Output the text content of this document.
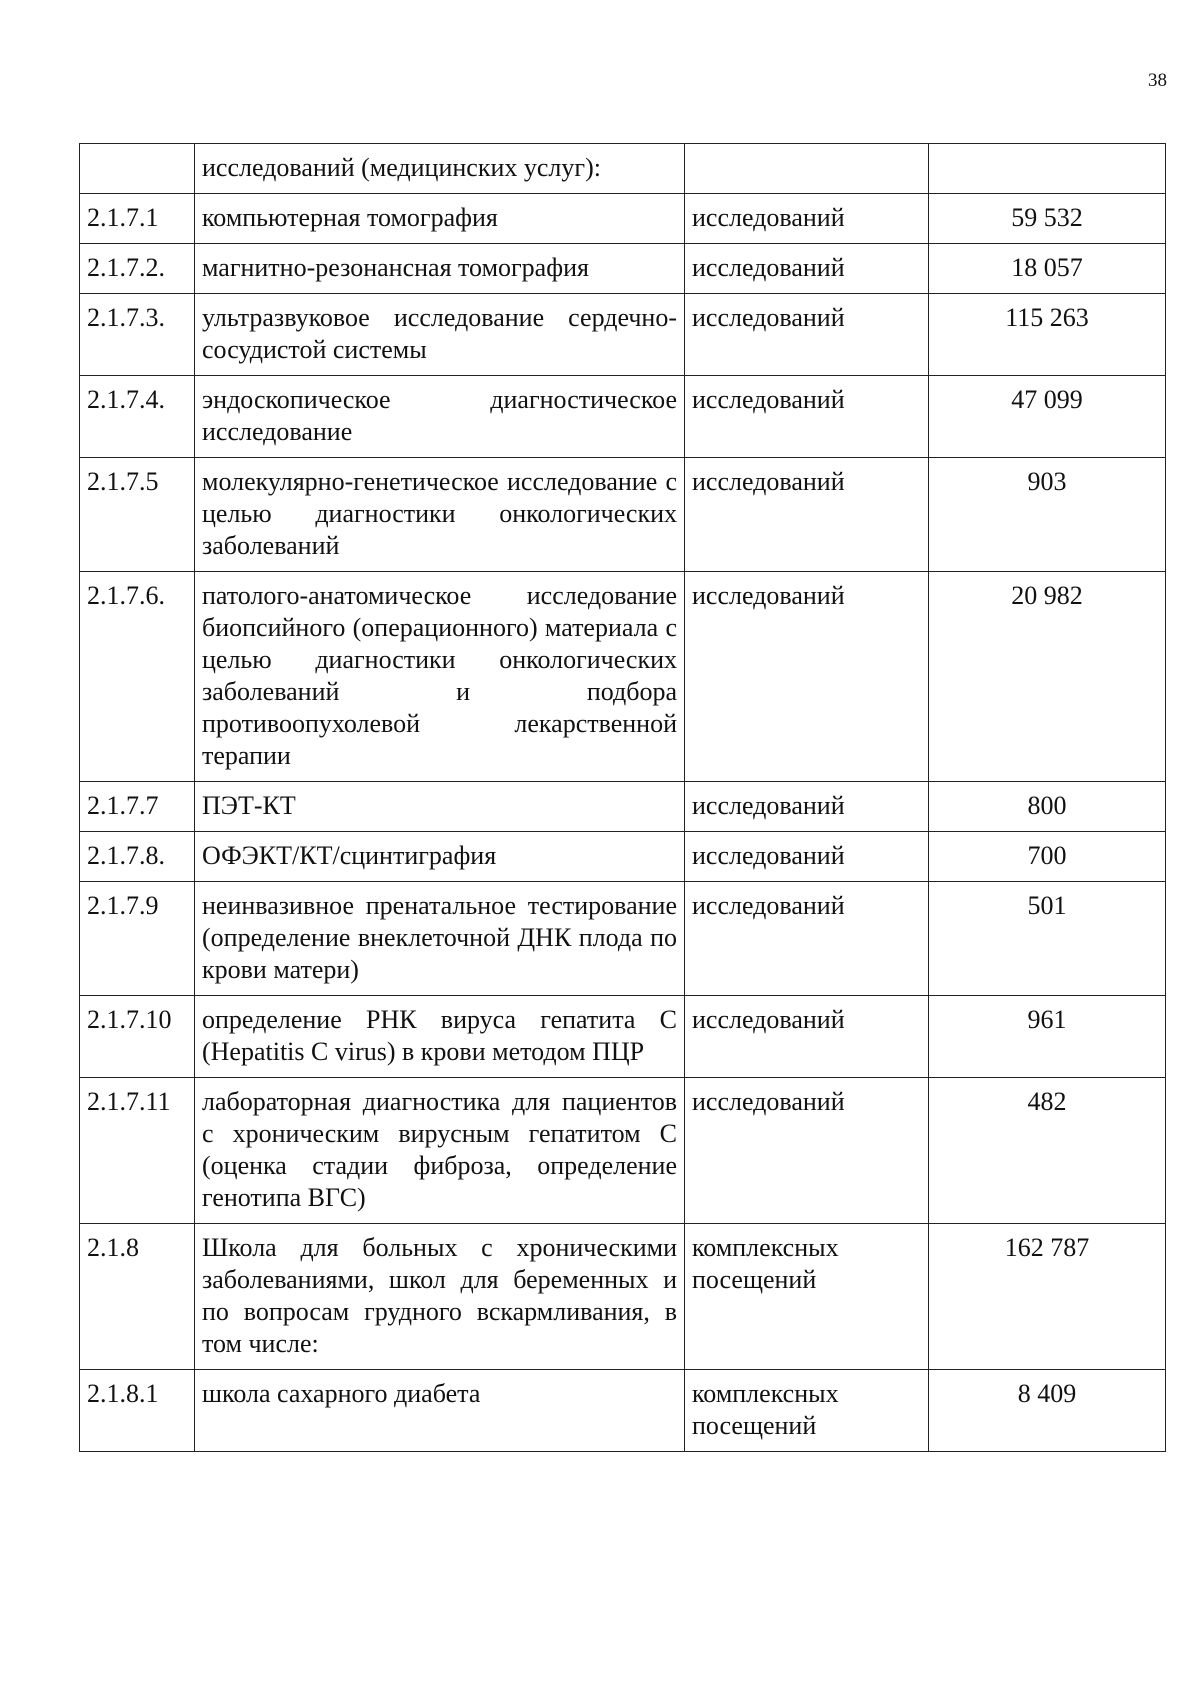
38
	исследований (медицинских услуг):		
2.1.7.1	компьютерная томография	исследований	59 532
2.1.7.2.	магнитно-резонансная томография	исследований	18 057
2.1.7.3.	ультразвуковое исследование сердечно-сосудистой системы	исследований	115 263
2.1.7.4.	эндоскопическое диагностическое исследование	исследований	47 099
2.1.7.5	молекулярно-генетическое исследование с целью диагностики онкологических заболеваний	исследований	903
2.1.7.6.	патолого-анатомическое исследование биопсийного (операционного) материала с целью диагностики онкологических заболеваний и подбора противоопухолевой лекарственной терапии	исследований	20 982
2.1.7.7	ПЭТ-КТ	исследований	800
2.1.7.8.	ОФЭКТ/КТ/сцинтиграфия	исследований	700
2.1.7.9	неинвазивное пренатальное тестирование (определение внеклеточной ДНК плода по крови матери)	исследований	501
2.1.7.10	определение РНК вируса гепатита С (Hepatitis C virus) в крови методом ПЦР	исследований	961
2.1.7.11	лабораторная диагностика для пациентов с хроническим вирусным гепатитом С (оценка стадии фиброза, определение генотипа ВГС)	исследований	482
2.1.8	Школа для больных с хроническими заболеваниями, школ для беременных и по вопросам грудного вскармливания, в том числе:	комплексных посещений	162 787
2.1.8.1	школа сахарного диабета	комплексных посещений	8 409
